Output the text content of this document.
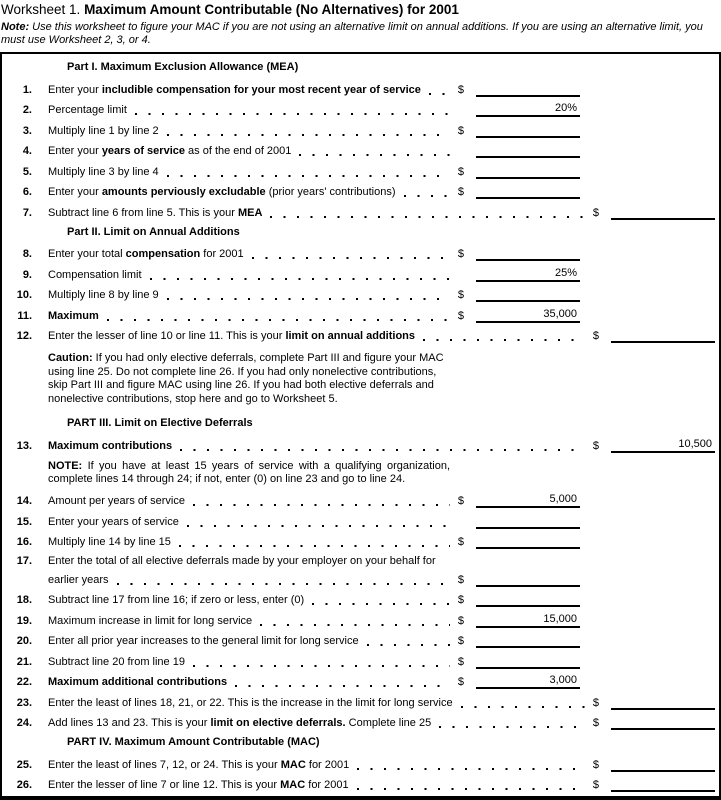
Worksheet 1. Maximum Amount Contributable (No Alternatives) for 2001
Note: Use this worksheet to figure your MAC if you are not using an alternative limit on annual additions. If you are using an alternative limit, you must use Worksheet 2, 3, or 4.
Part I. Maximum Exclusion Allowance (MEA)
1. Enter your includible compensation for your most recent year of service	$
2. Percentage limit	20%
3. Multiply line 1 by line 2	$
4. Enter your years of service as of the end of 2001
5. Multiply line 3 by line 4	$
6. Enter your amounts perviously excludable (prior years' contributions)	$
7. Subtract line 6 from line 5. This is your MEA	$
Part II. Limit on Annual Additions
8. Enter your total compensation for 2001	$
9. Compensation limit	25%
10. Multiply line 8 by line 9	$
11. Maximum	$	35,000
12. Enter the lesser of line 10 or line 11. This is your limit on annual additions	$
Caution: If you had only elective deferrals, complete Part III and figure your MAC using line 25. Do not complete line 26. If you had only nonelective contributions, skip Part III and figure MAC using line 26. If you had both elective deferrals and nonelective contributions, stop here and go to Worksheet 5.
PART III. Limit on Elective Deferrals
13. Maximum contributions	$	10,500
NOTE: If you have at least 15 years of service with a qualifying organization, complete lines 14 through 24; if not, enter (0) on line 23 and go to line 24.
14. Amount per years of service	$	5,000
15. Enter your years of service
16. Multiply line 14 by line 15	$
17. Enter the total of all elective deferrals made by your employer on your behalf for
earlier years	$
18. Subtract line 17 from line 16; if zero or less, enter (0)	$
19. Maximum increase in limit for long service	$	15,000
20. Enter all prior year increases to the general limit for long service	$
21. Subtract line 20 from line 19	$
22. Maximum additional contributions	$	3,000
23. Enter the least of lines 18, 21, or 22. This is the increase in the limit for long service	$
24. Add lines 13 and 23. This is your limit on elective deferrals. Complete line 25	$
PART IV. Maximum Amount Contributable (MAC)
25. Enter the least of lines 7, 12, or 24. This is your MAC for 2001	$
26. Enter the lesser of line 7 or line 12. This is your MAC for 2001	$
